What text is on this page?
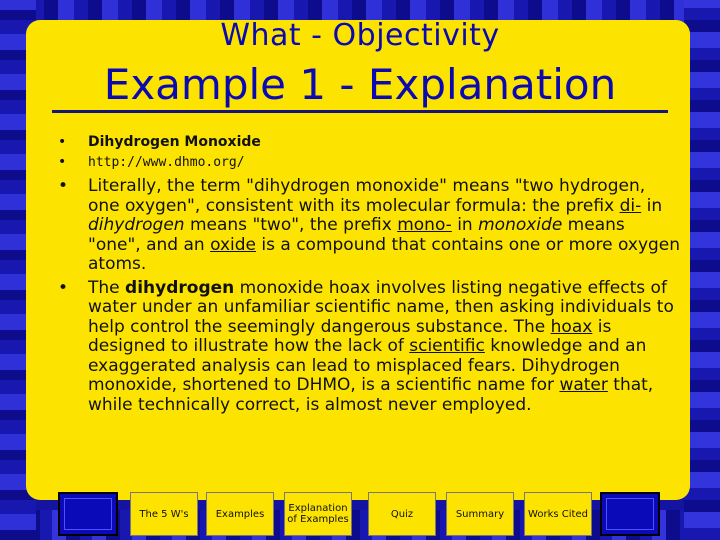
What - Objectivity
Example 1 - Explanation
• Dihydrogen Monoxide
• http://www.dhmo.org/
• Literally, the term "dihydrogen monoxide" means "two hydrogen, one oxygen", consistent with its molecular formula: the prefix di- in dihydrogen means "two", the prefix mono- in monoxide means "one", and an oxide is a compound that contains one or more oxygen atoms.
• The dihydrogen monoxide hoax involves listing negative effects of water under an unfamiliar scientific name, then asking individuals to help control the seemingly dangerous substance. The hoax is designed to illustrate how the lack of scientific knowledge and an exaggerated analysis can lead to misplaced fears. Dihydrogen monoxide, shortened to DHMO, is a scientific name for water that, while technically correct, is almost never employed.
The 5 W's	Examples	Explanation
of Examples	Quiz	Summary	Works Cited
